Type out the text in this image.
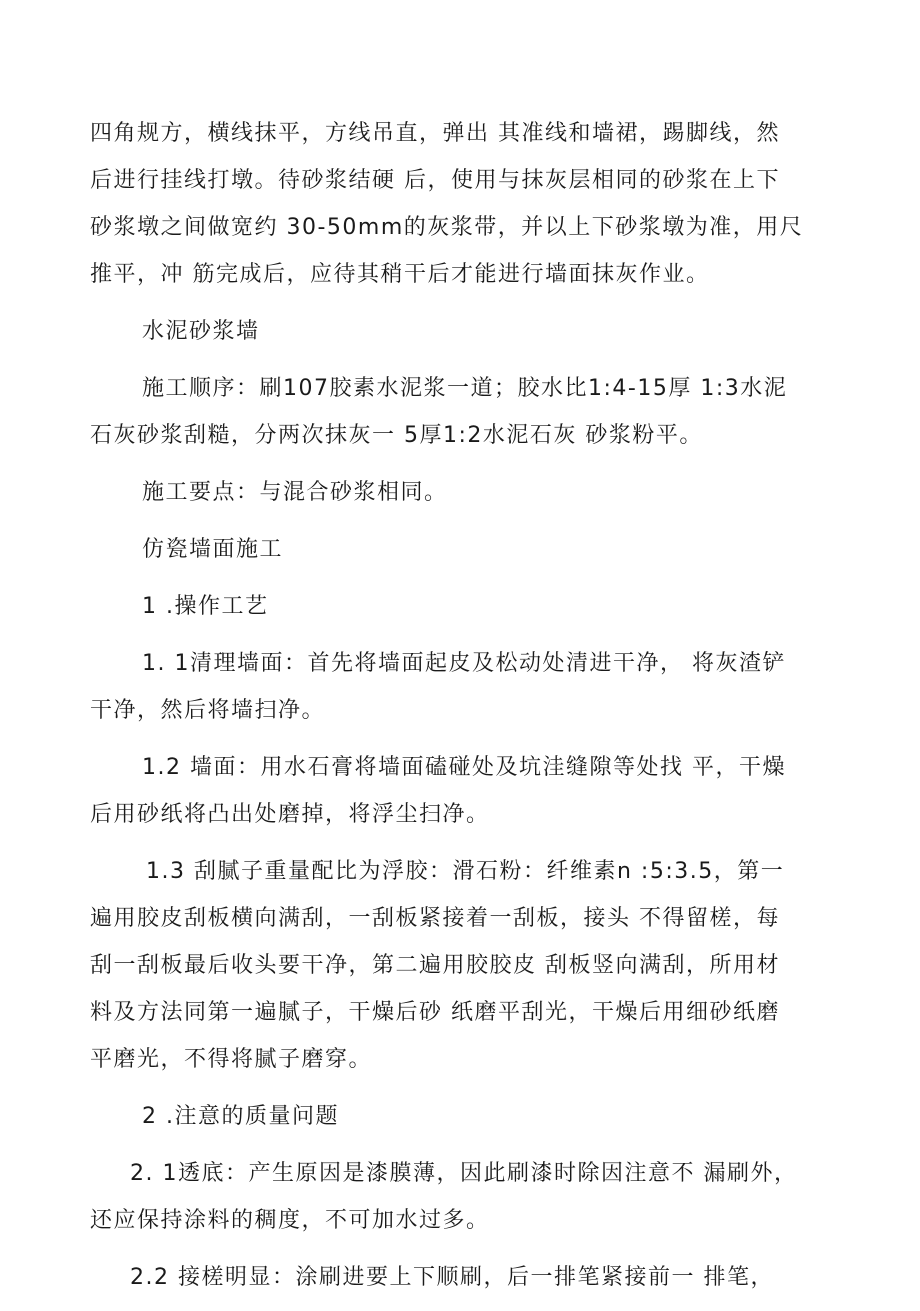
四角规方，横线抹平，方线吊直，弹出 其准线和墙裙，踢脚线，然
后进行挂线打墩。待砂浆结硬 后，使用与抹灰层相同的砂浆在上下
砂浆墩之间做宽约 30-50mm的灰浆带，并以上下砂浆墩为准，用尺
推平，冲 筋完成后，应待其稍干后才能进行墙面抹灰作业。
水泥砂浆墙
施工顺序：刷107胶素水泥浆一道；胶水比1:4-15厚 1:3水泥
石灰砂浆刮糙，分两次抹灰一 5厚1:2水泥石灰 砂浆粉平。
施工要点：与混合砂浆相同。
仿瓷墙面施工
1 .操作工艺
1. 1清理墙面：首先将墙面起皮及松动处清进干净， 将灰渣铲
干净，然后将墙扫净。
1.2 墙面：用水石膏将墙面磕碰处及坑洼缝隙等处找 平，干燥
后用砂纸将凸出处磨掉，将浮尘扫净。
1.3 刮腻子重量配比为浮胶：滑石粉：纤维素n :5:3.5，第一
遍用胶皮刮板横向满刮，一刮板紧接着一刮板，接头 不得留槎，每
刮一刮板最后收头要干净，第二遍用胶胶皮 刮板竖向满刮，所用材
料及方法同第一遍腻子，干燥后砂 纸磨平刮光，干燥后用细砂纸磨
平磨光，不得将腻子磨穿。
2 .注意的质量问题
2. 1透底：产生原因是漆膜薄，因此刷漆时除因注意不 漏刷外，
还应保持涂料的稠度，不可加水过多。
2.2 接槎明显：涂刷进要上下顺刷，后一排笔紧接前一 排笔，
